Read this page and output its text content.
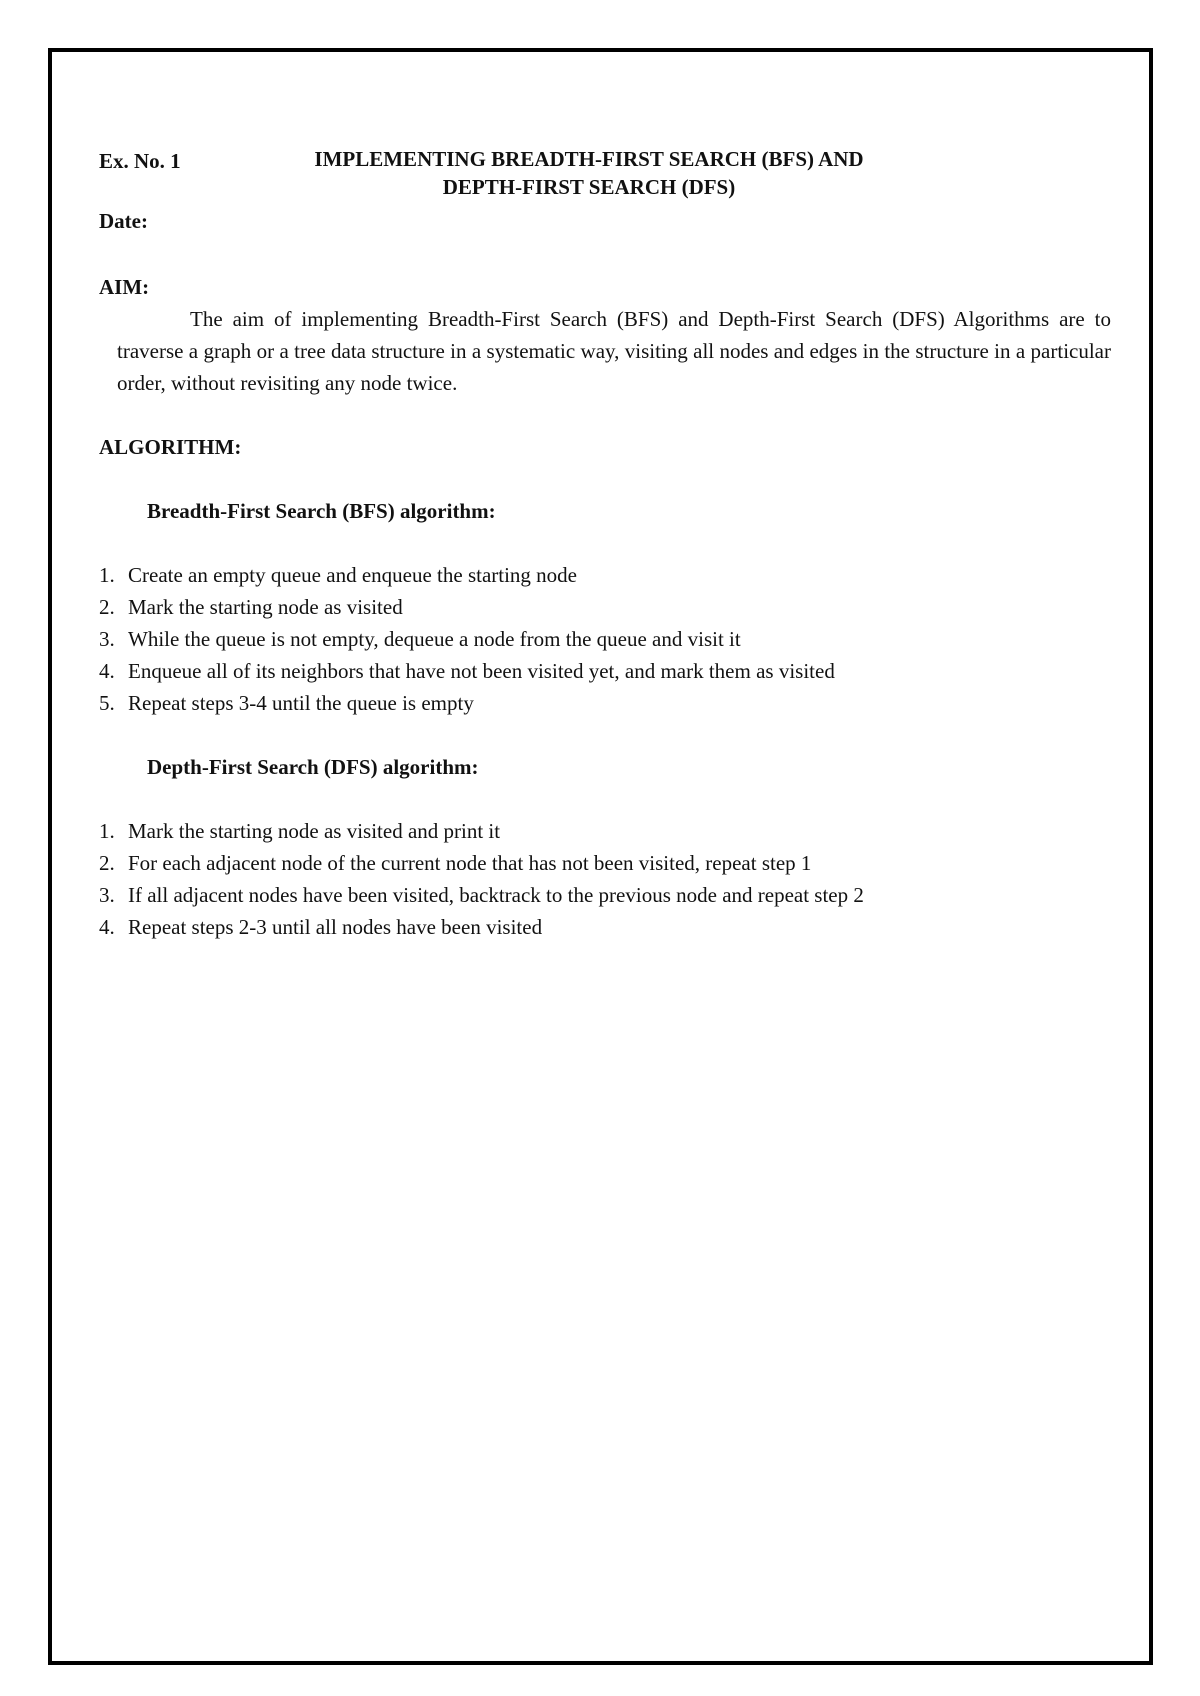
Ex. No. 1	IMPLEMENTING BREADTH-FIRST SEARCH (BFS) AND
DEPTH-FIRST SEARCH (DFS)
Date:
AIM:

The aim of implementing Breadth-First Search (BFS) and Depth-First Search (DFS) Algorithms are to traverse a graph or a tree data structure in a systematic way, visiting all nodes and edges in the structure in a particular order, without revisiting any node twice.

ALGORITHM:
Breadth-First Search (BFS) algorithm:
1. Create an empty queue and enqueue the starting node
2. Mark the starting node as visited
3. While the queue is not empty, dequeue a node from the queue and visit it
4. Enqueue all of its neighbors that have not been visited yet, and mark them as visited
5. Repeat steps 3-4 until the queue is empty
Depth-First Search (DFS) algorithm:
1. Mark the starting node as visited and print it
2. For each adjacent node of the current node that has not been visited, repeat step 1
3. If all adjacent nodes have been visited, backtrack to the previous node and repeat step 2
4. Repeat steps 2-3 until all nodes have been visited
